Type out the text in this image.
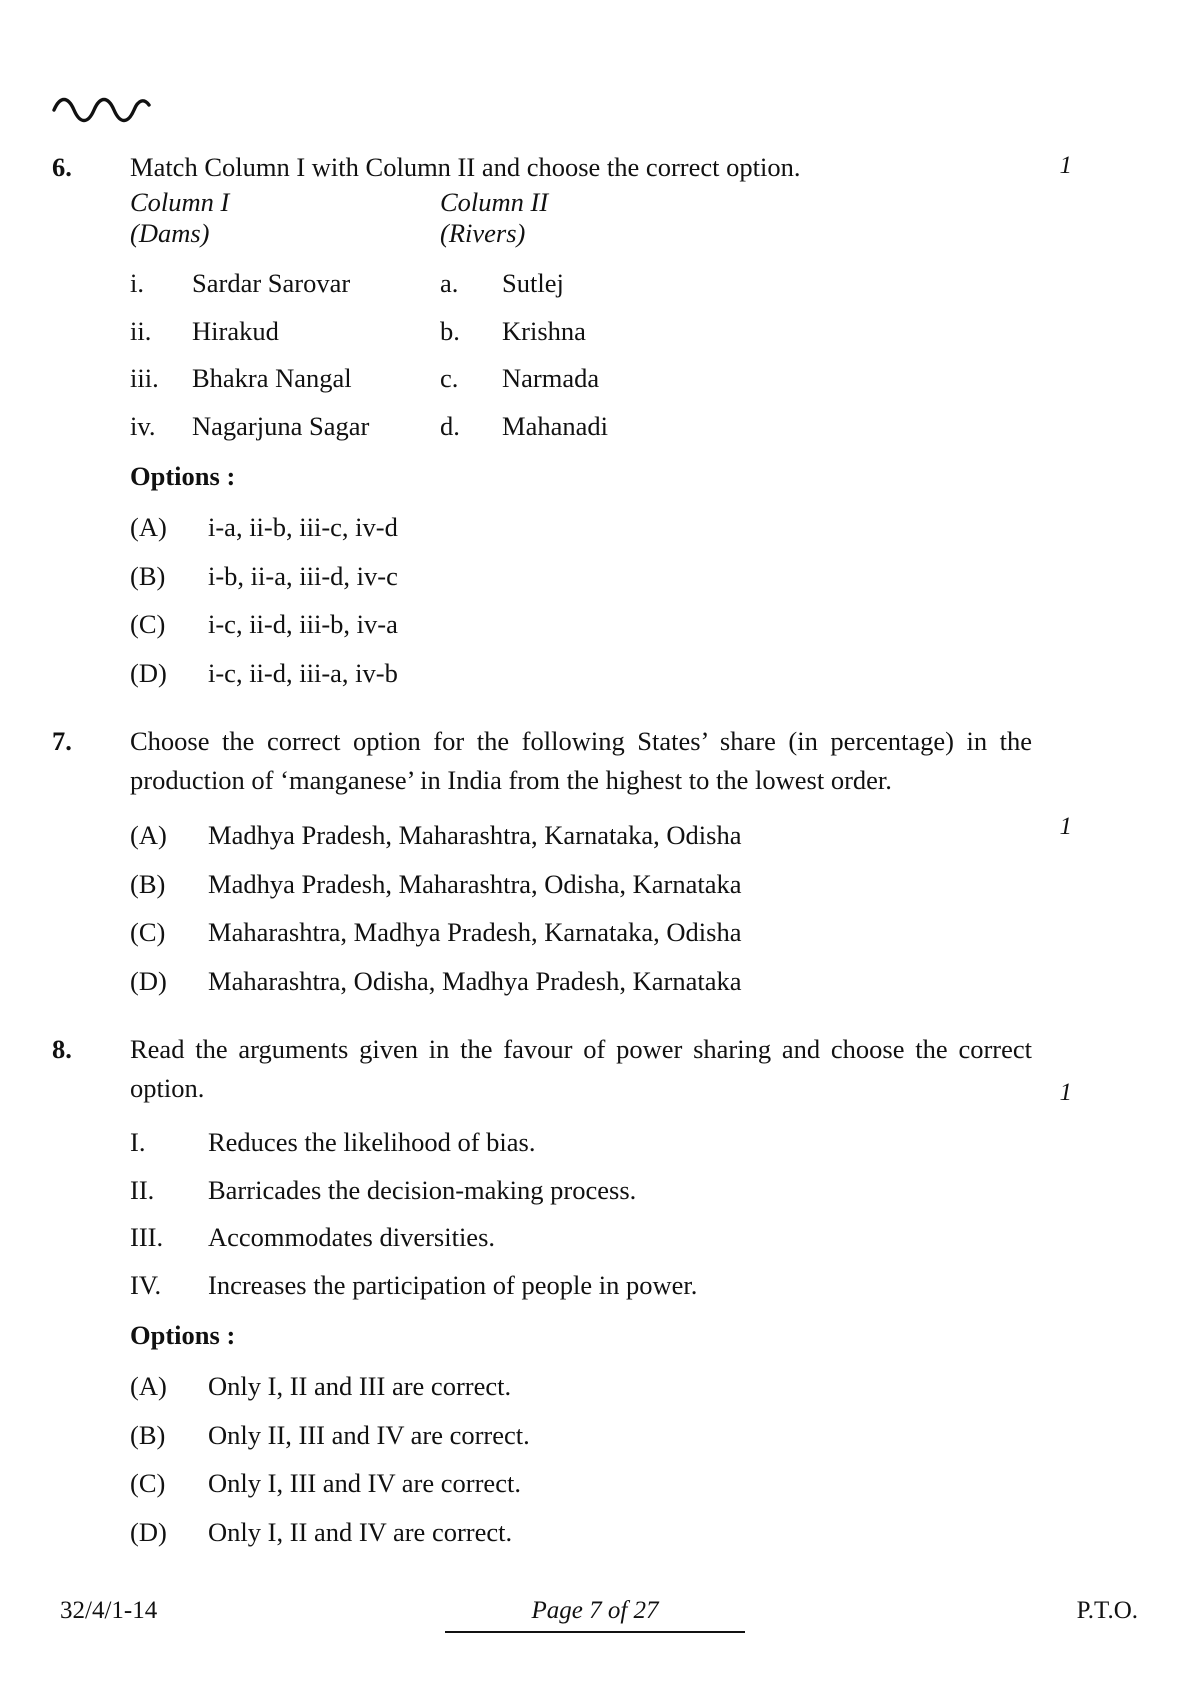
1
6.	Match Column I with Column II and choose the correct option.
Column I	Column II
(Dams)	(Rivers)
i.	Sardar Sarovar	a.	Sutlej
ii.	Hirakud	b.	Krishna
iii.	Bhakra Nangal	c.	Narmada
iv.	Nagarjuna Sagar	d.	Mahanadi
Options :
(A)	i-a, ii-b, iii-c, iv-d
(B)	i-b, ii-a, iii-d, iv-c
(C)	i-c, ii-d, iii-b, iv-a
(D)	i-c, ii-d, iii-a, iv-b
1
7.	Choose the correct option for the following States’ share (in percentage) in the production of ‘manganese’ in India from the highest to the lowest order.
(A)	Madhya Pradesh, Maharashtra, Karnataka, Odisha
(B)	Madhya Pradesh, Maharashtra, Odisha, Karnataka
(C)	Maharashtra, Madhya Pradesh, Karnataka, Odisha
(D)	Maharashtra, Odisha, Madhya Pradesh, Karnataka
1
8.	Read the arguments given in the favour of power sharing and choose the correct option.
I.	Reduces the likelihood of bias.
II.	Barricades the decision-making process.
III.	Accommodates diversities.
IV.	Increases the participation of people in power.
Options :
(A)	Only I, II and III are correct.
(B)	Only II, III and IV are correct.
(C)	Only I, III and IV are correct.
(D)	Only I, II and IV are correct.
32/4/1-14	Page 7 of 27	P.T.O.
